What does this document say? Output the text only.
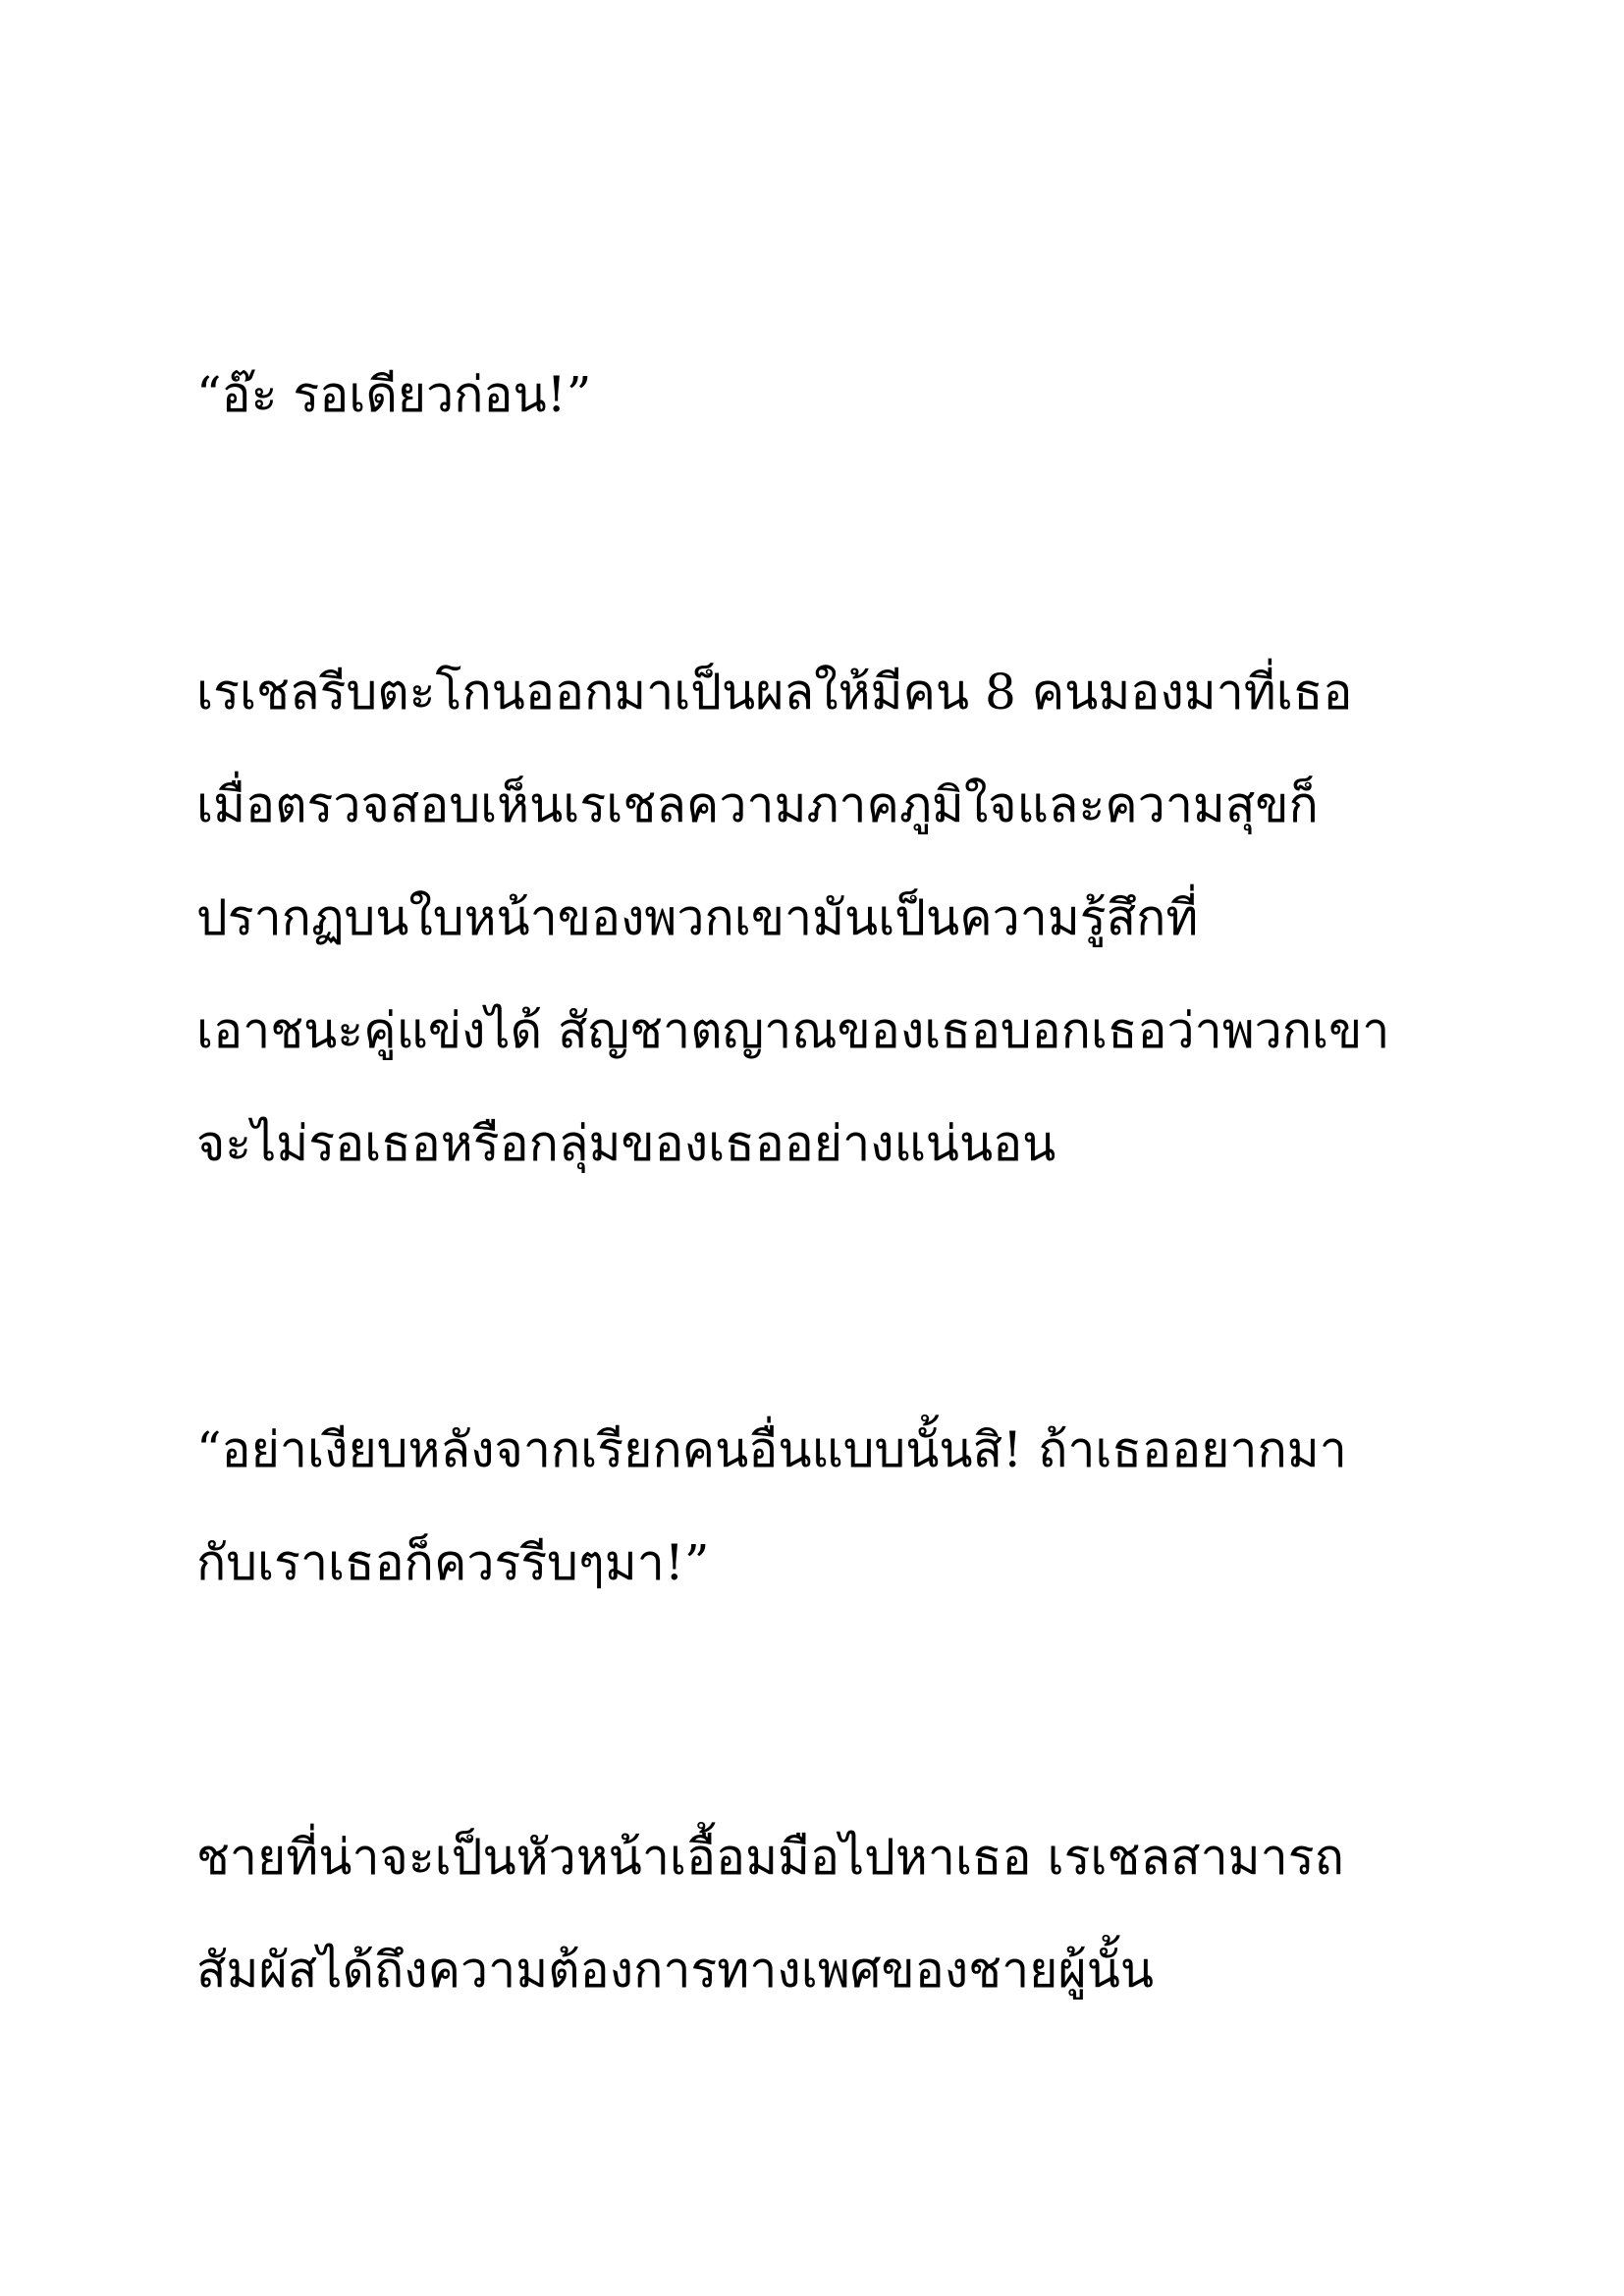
“อ๊ะ รอเดียวก่อน!”
เรเชลรีบตะโกนออกมาเป็นผลให้มีคน 8 คนมองมาที่เธอ
เมื่อตรวจสอบเห็นเรเชลความภาคภูมิใจและความสุขก็
ปรากฏบนใบหน้าของพวกเขามันเป็นความรู้สึกที่
เอาชนะคู่แข่งได้ สัญชาตญาณของเธอบอกเธอว่าพวกเขา
จะไม่รอเธอหรือกลุ่มของเธออย่างแน่นอน
“อย่าเงียบหลังจากเรียกคนอื่นแบบนั้นสิ! ถ้าเธออยากมา
กับเราเธอก็ควรรีบๆมา!”
ชายที่น่าจะเป็นหัวหน้าเอื้อมมือไปหาเธอ เรเชลสามารถ
สัมผัสได้ถึงความต้องการทางเพศของชายผู้นั้น
